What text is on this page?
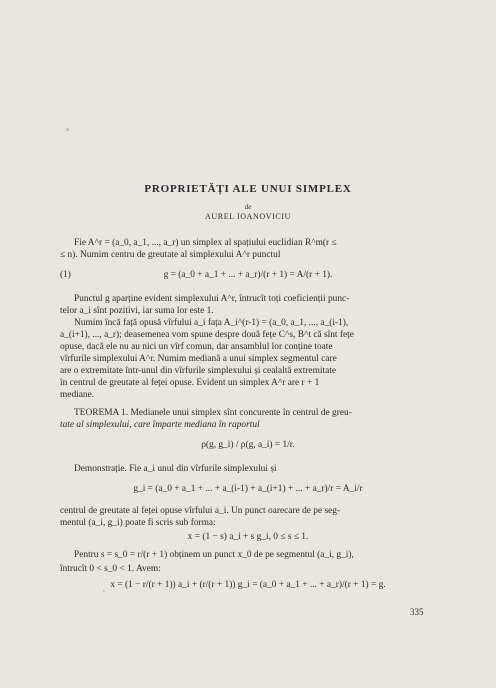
PROPRIETĂȚI ALE UNUI SIMPLEX
de
AUREL IOANOVICIU
Fie A^r = (a_0, a_1, ..., a_r) un simplex al spațiului euclidian R^m(r ≤
≤ n). Numim centru de greutate al simplexului A^r punctul
(1)	g = (a_0 + a_1 + ... + a_r)/(r + 1) = A/(r + 1).
Punctul g aparține evident simplexului A^r, întrucît toți coeficienții punc-
telor a_i sînt pozitivi, iar suma lor este 1.
Numim încă față opusă vîrfului a_i fața A_i^(r-1) = (a_0, a_1, ..., a_(i-1),
a_(i+1), ..., a_r); deasemenea vom spune despre două fețe C^s, B^t că sînt fețe
opuse, dacă ele nu au nici un vîrf comun, dar ansamblul lor conține toate
vîrfurile simplexului A^r. Numim mediană a unui simplex segmentul care
are o extremitate într-unul din vîrfurile simplexului și cealaltă extremitate
în centrul de greutate al feței opuse. Evident un simplex A^r are r + 1
mediane.
TEOREMA 1. Medianele unui simplex sînt concurente în centrul de greu-
tate al simplexului, care împarte mediana în raportul
ρ(g, g_i) / ρ(g, a_i) = 1/r.
Demonstrație. Fie a_i unul din vîrfurile simplexului și
g_i = (a_0 + a_1 + ... + a_(i-1) + a_(i+1) + ... + a_r)/r = A_i/r
centrul de greutate al feței opuse vîrfului a_i. Un punct oarecare de pe seg-
mentul (a_i, g_i) poate fi scris sub forma:
x = (1 − s) a_i + s g_i, 0 ≤ s ≤ 1.
Pentru s = s_0 = r/(r + 1) obținem un punct x_0 de pe segmentul (a_i, g_i),
întrucît 0 < s_0 < 1. Avem:
x = (1 − r/(r + 1)) a_i + (r/(r + 1)) g_i = (a_0 + a_1 + ... + a_r)/(r + 1) = g.
335
